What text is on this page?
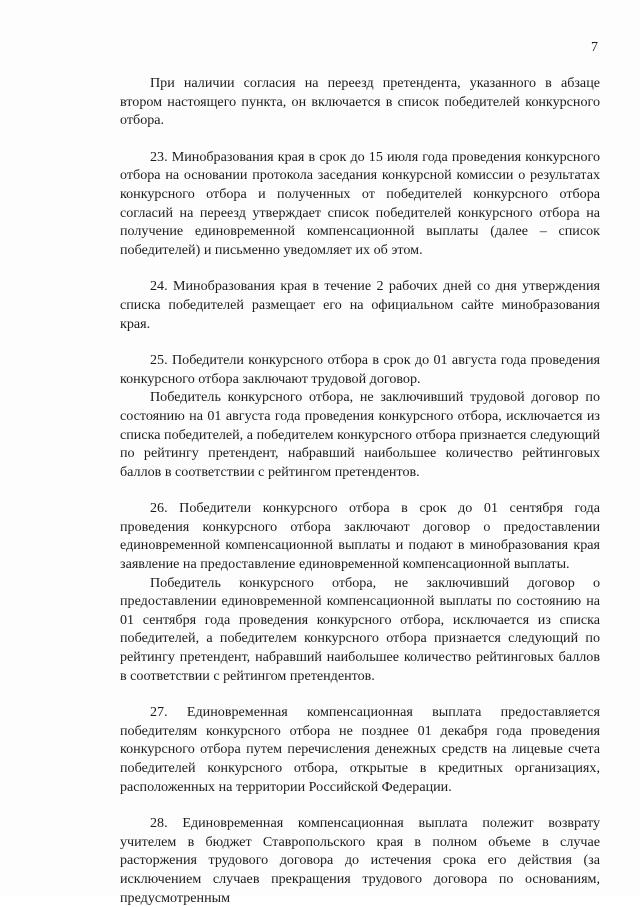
7

При наличии согласия на переезд претендента, указанного в абзаце втором настоящего пункта, он включается в список победителей конкурсного отбора.

23. Минобразования края в срок до 15 июля года проведения конкурсного отбора на основании протокола заседания конкурсной комиссии о результатах конкурсного отбора и полученных от победителей конкурсного отбора согласий на переезд утверждает список победителей конкурсного отбора на получение единовременной компенсационной выплаты (далее – список победителей) и письменно уведомляет их об этом.

24. Минобразования края в течение 2 рабочих дней со дня утверждения списка победителей размещает его на официальном сайте минобразования края.

25. Победители конкурсного отбора в срок до 01 августа года проведения конкурсного отбора заключают трудовой договор.

Победитель конкурсного отбора, не заключивший трудовой договор по состоянию на 01 августа года проведения конкурсного отбора, исключается из списка победителей, а победителем конкурсного отбора признается следующий по рейтингу претендент, набравший наибольшее количество рейтинговых баллов в соответствии с рейтингом претендентов.

26. Победители конкурсного отбора в срок до 01 сентября года проведения конкурсного отбора заключают договор о предоставлении единовременной компенсационной выплаты и подают в минобразования края заявление на предоставление единовременной компенсационной выплаты.

Победитель конкурсного отбора, не заключивший договор о предоставлении единовременной компенсационной выплаты по состоянию на 01 сентября года проведения конкурсного отбора, исключается из списка победителей, а победителем конкурсного отбора признается следующий по рейтингу претендент, набравший наибольшее количество рейтинговых баллов в соответствии с рейтингом претендентов.

27. Единовременная компенсационная выплата предоставляется победителям конкурсного отбора не позднее 01 декабря года проведения конкурсного отбора путем перечисления денежных средств на лицевые счета победителей конкурсного отбора, открытые в кредитных организациях, расположенных на территории Российской Федерации.

28. Единовременная компенсационная выплата полежит возврату учителем в бюджет Ставропольского края в полном объеме в случае расторжения трудового договора до истечения срока его действия (за исключением случаев прекращения трудового договора по основаниям, предусмотренным
